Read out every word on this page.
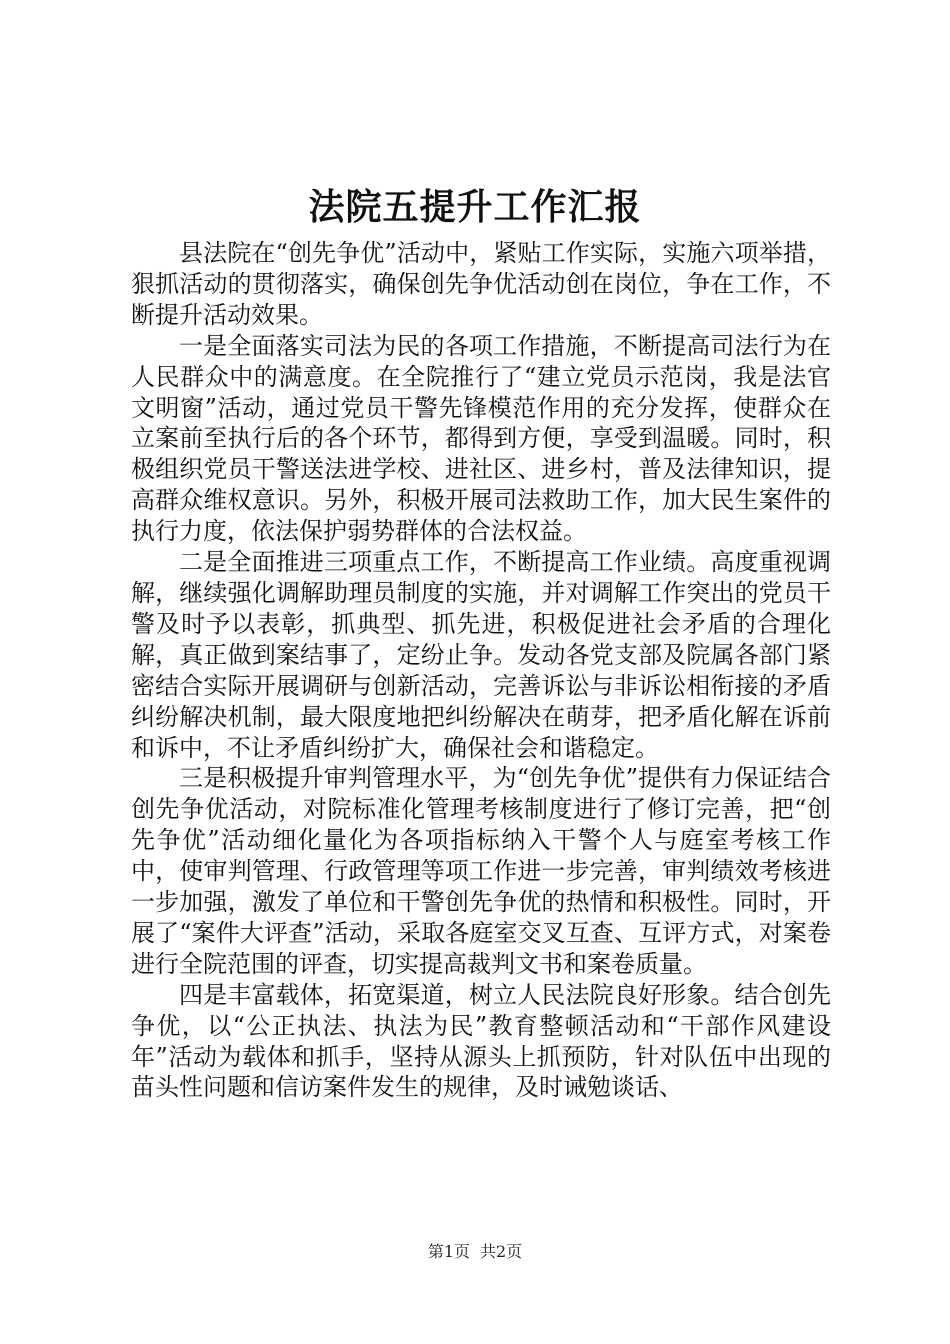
法院五提升工作汇报

县法院在“创先争优”活动中，紧贴工作实际，实施六项举措，狠抓活动的贯彻落实，确保创先争优活动创在岗位，争在工作，不断提升活动效果。

一是全面落实司法为民的各项工作措施，不断提高司法行为在人民群众中的满意度。在全院推行了“建立党员示范岗，我是法官文明窗”活动，通过党员干警先锋模范作用的充分发挥，使群众在立案前至执行后的各个环节，都得到方便，享受到温暖。同时，积极组织党员干警送法进学校、进社区、进乡村，普及法律知识，提高群众维权意识。另外，积极开展司法救助工作，加大民生案件的执行力度，依法保护弱势群体的合法权益。

二是全面推进三项重点工作，不断提高工作业绩。高度重视调解，继续强化调解助理员制度的实施，并对调解工作突出的党员干警及时予以表彰，抓典型、抓先进，积极促进社会矛盾的合理化解，真正做到案结事了，定纷止争。发动各党支部及院属各部门紧密结合实际开展调研与创新活动，完善诉讼与非诉讼相衔接的矛盾纠纷解决机制，最大限度地把纠纷解决在萌芽，把矛盾化解在诉前和诉中，不让矛盾纠纷扩大，确保社会和谐稳定。

三是积极提升审判管理水平，为“创先争优”提供有力保证结合创先争优活动，对院标准化管理考核制度进行了修订完善，把“创先争优”活动细化量化为各项指标纳入干警个人与庭室考核工作中，使审判管理、行政管理等项工作进一步完善，审判绩效考核进一步加强，激发了单位和干警创先争优的热情和积极性。同时，开展了“案件大评查”活动，采取各庭室交叉互查、互评方式，对案卷进行全院范围的评查，切实提高裁判文书和案卷质量。

四是丰富载体，拓宽渠道，树立人民法院良好形象。结合创先争优，以“公正执法、执法为民”教育整顿活动和“干部作风建设年”活动为载体和抓手，坚持从源头上抓预防，针对队伍中出现的苗头性问题和信访案件发生的规律，及时诫勉谈话、

第1页 共2页
